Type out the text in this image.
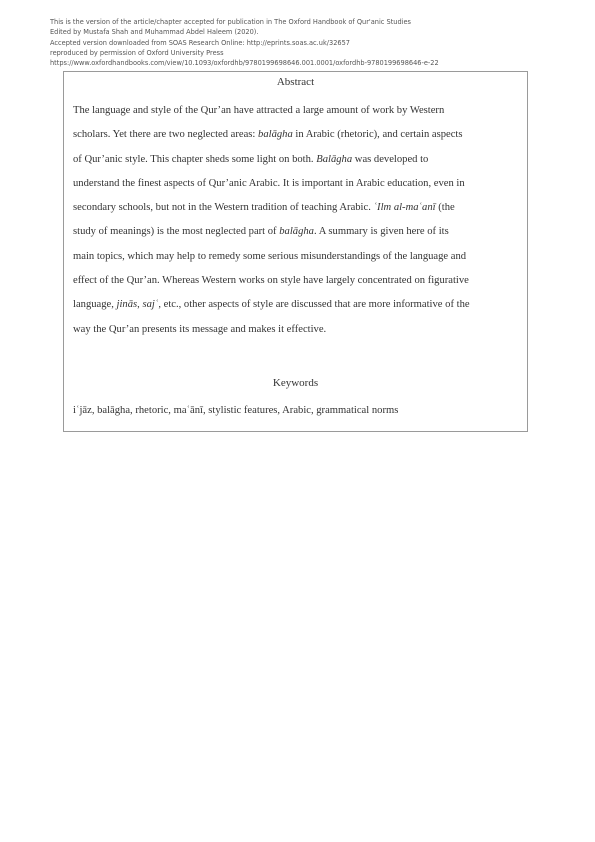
This is the version of the article/chapter accepted for publication in The Oxford Handbook of Qur'anic Studies
Edited by Mustafa Shah and Muhammad Abdel Haleem (2020).
Accepted version downloaded from SOAS Research Online: http://eprints.soas.ac.uk/32657
reproduced by permission of Oxford University Press
https://www.oxfordhandbooks.com/view/10.1093/oxfordhb/9780199698646.001.0001/oxfordhb-9780199698646-e-22
Abstract
The language and style of the Qur’an have attracted a large amount of work by Western
scholars. Yet there are two neglected areas: balāgha in Arabic (rhetoric), and certain aspects
of Qur’anic style. This chapter sheds some light on both. Balāgha was developed to
understand the finest aspects of Qur’anic Arabic. It is important in Arabic education, even in
secondary schools, but not in the Western tradition of teaching Arabic. ʿIlm al-maʿanī (the
study of meanings) is the most neglected part of balāgha. A summary is given here of its
main topics, which may help to remedy some serious misunderstandings of the language and
effect of the Qur’an. Whereas Western works on style have largely concentrated on figurative
language, jinās, sajʿ, etc., other aspects of style are discussed that are more informative of the
way the Qur’an presents its message and makes it effective.
Keywords
iʿjāz, balāgha, rhetoric, maʿānī, stylistic features, Arabic, grammatical norms
